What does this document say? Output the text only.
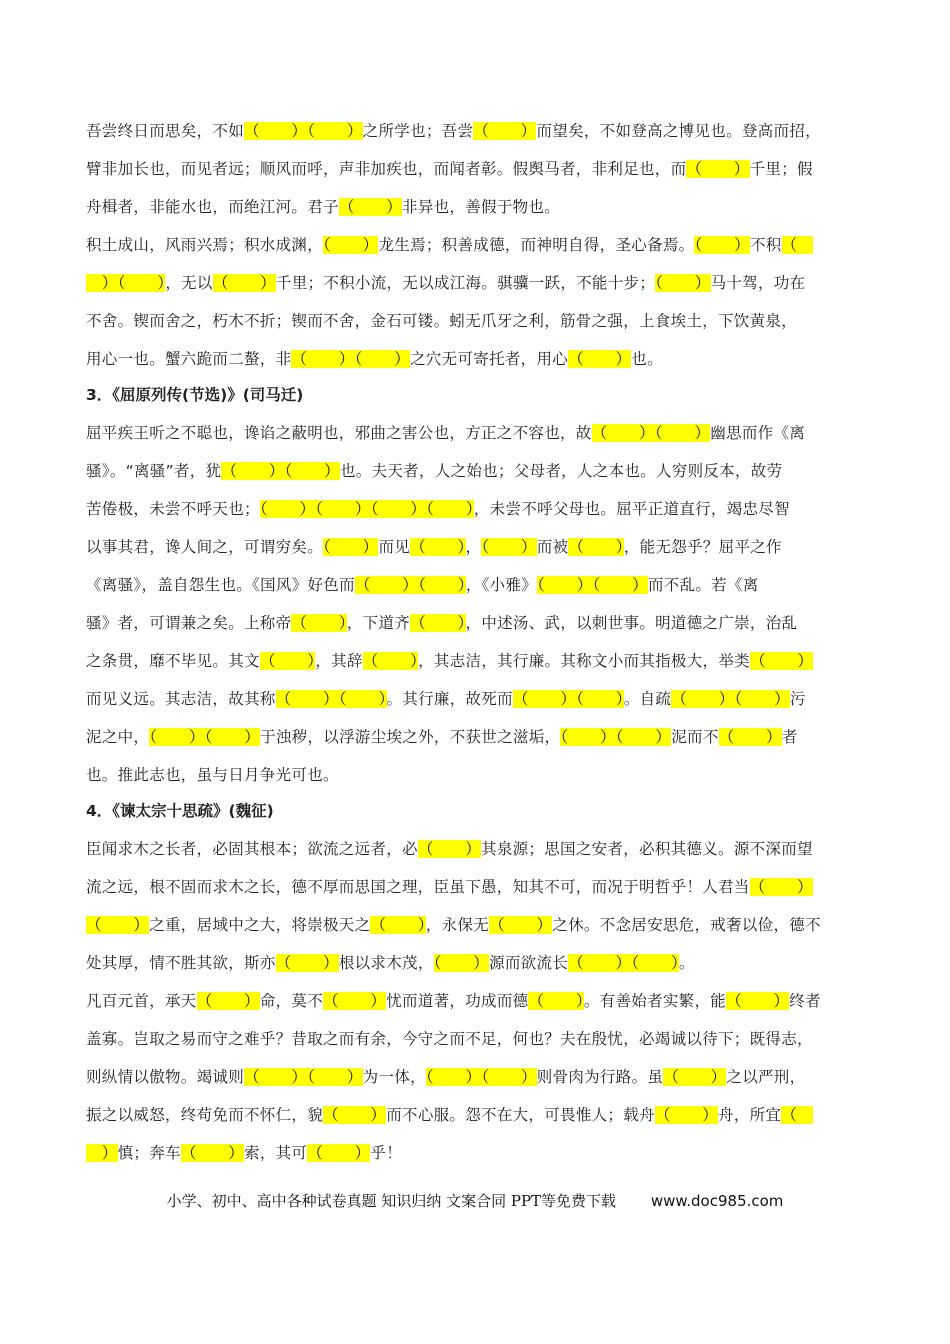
吾尝终日而思矣，不如（　　）（　　）之所学也；吾尝（　　）而望矣，不如登高之博见也。登高而招，

臂非加长也，而见者远；顺风而呼，声非加疾也，而闻者彰。假舆马者，非利足也，而（　　）千里；假

舟楫者，非能水也，而绝江河。君子（　　）非异也，善假于物也。

积土成山，风雨兴焉；积水成渊，（　　）龙生焉；积善成德，而神明自得，圣心备焉。（　　）不积（　

　）（　　），无以（　　）千里；不积小流，无以成江海。骐骥一跃，不能十步；（　　）马十驾，功在

不舍。锲而舍之，朽木不折；锲而不舍，金石可镂。蚓无爪牙之利，筋骨之强，上食埃土，下饮黄泉，

用心一也。蟹六跪而二螯，非（　　）（　　）之穴无可寄托者，用心（　　）也。

3．《屈原列传(节选)》(司马迁)

屈平疾王听之不聪也，谗谄之蔽明也，邪曲之害公也，方正之不容也，故（　　）（　　）幽思而作《离

骚》。“离骚”者，犹（　　）（　　）也。夫天者，人之始也；父母者，人之本也。人穷则反本，故劳

苦倦极，未尝不呼天也；（　　）（　　）（　　）（　　），未尝不呼父母也。屈平正道直行，竭忠尽智

以事其君，谗人间之，可谓穷矣。（　　）而见（　　），（　　）而被（　　），能无怨乎？屈平之作

《离骚》，盖自怨生也。《国风》好色而（　　）（　　），《小雅》（　　）（　　）而不乱。若《离

骚》者，可谓兼之矣。上称帝（　　），下道齐（　　），中述汤、武，以刺世事。明道德之广崇，治乱

之条贯，靡不毕见。其文（　　），其辞（　　），其志洁，其行廉。其称文小而其指极大，举类（　　）

而见义远。其志洁，故其称（　　）（　　）。其行廉，故死而（　　）（　　）。自疏（　　）（　　）污

泥之中，（　　）（　　）于浊秽，以浮游尘埃之外，不获世之滋垢，（　　）（　　）泥而不（　　）者

也。推此志也，虽与日月争光可也。

4．《谏太宗十思疏》(魏征)

臣闻求木之长者，必固其根本；欲流之远者，必（　　）其泉源；思国之安者，必积其德义。源不深而望

流之远，根不固而求木之长，德不厚而思国之理，臣虽下愚，知其不可，而况于明哲乎！人君当（　　）

（　　）之重，居域中之大，将崇极天之（　　），永保无（　　）之休。不念居安思危，戒奢以俭，德不

处其厚，情不胜其欲，斯亦（　　）根以求木茂，（　　）源而欲流长（　　）（　　）。

凡百元首，承天（　　）命，莫不（　　）忧而道著，功成而德（　　）。有善始者实繁，能（　　）终者

盖寡。岂取之易而守之难乎？昔取之而有余，今守之而不足，何也？夫在殷忧，必竭诚以待下；既得志，

则纵情以傲物。竭诚则（　　）（　　）为一体，（　　）（　　）则骨肉为行路。虽（　　）之以严刑，

振之以威怒，终苟免而不怀仁，貌（　　）而不心服。怨不在大，可畏惟人；载舟（　　）舟，所宜（　

　）慎；奔车（　　）索，其可（　　）乎！

小学、初中、高中各种试卷真题 知识归纳 文案合同 PPT等免费下载 www.doc985.com
